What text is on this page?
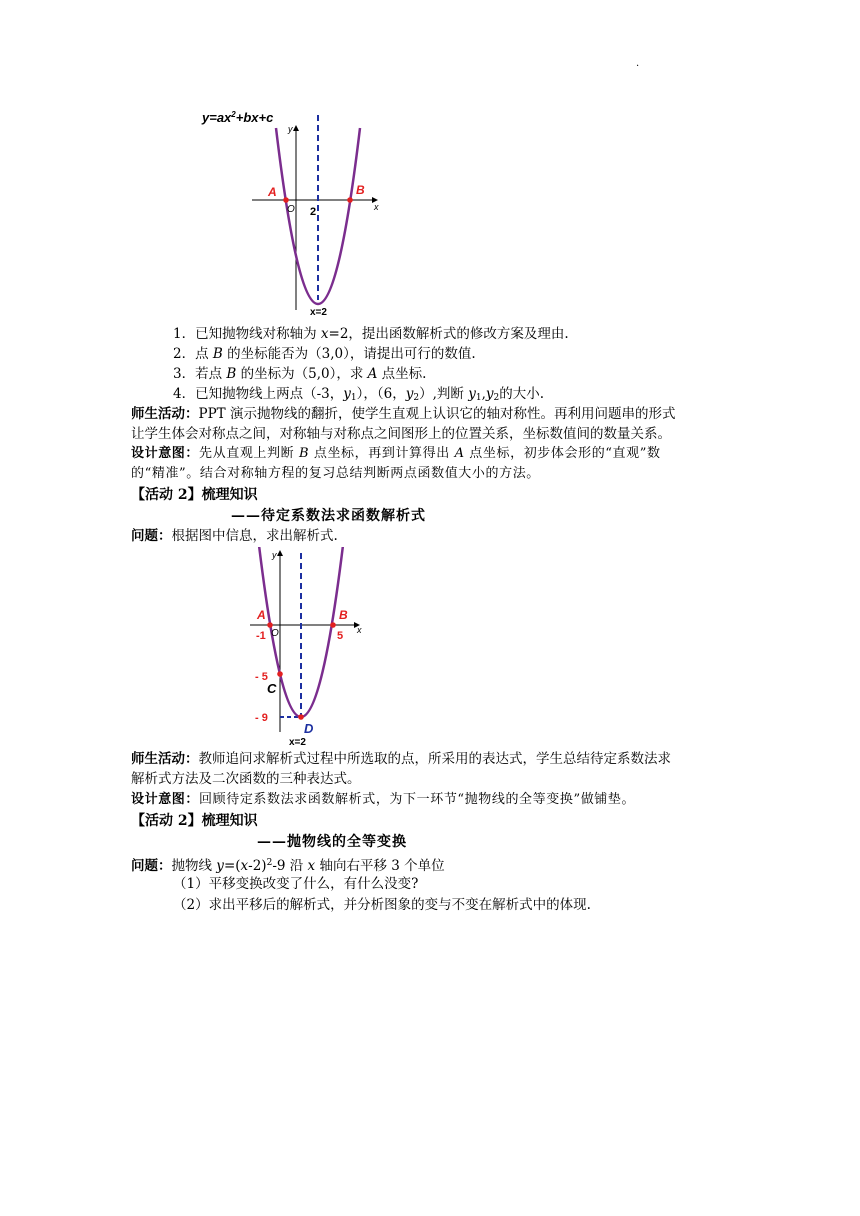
.
$y=ax^2+bx+c$
y
x
A	B
O 2
x=2
1．已知抛物线对称轴为 x=2，提出函数解析式的修改方案及理由.
2．点 B 的坐标能否为（3,0），请提出可行的数值.
3．若点 B 的坐标为（5,0），求 A 点坐标.
4．已知抛物线上两点（-3，$y_1$），（6，$y_2$）,判断 $y_1,y_2$的大小.
师生活动：PPT 演示抛物线的翻折，使学生直观上认识它的轴对称性。再利用问题串的形式
让学生体会对称点之间，对称轴与对称点之间图形上的位置关系，坐标数值间的数量关系。
设计意图：先从直观上判断 B 点坐标，再到计算得出 A 点坐标，初步体会形的“直观”数
的“精准”。结合对称轴方程的复习总结判断两点函数值大小的方法。
【活动 2】梳理知识
——待定系数法求函数解析式
问题：根据图中信息，求出解析式.
y
x
A	B
C
D
O
-1	5
- 5
- 9
x=2
师生活动：教师追问求解析式过程中所选取的点，所采用的表达式，学生总结待定系数法求
解析式方法及二次函数的三种表达式。
设计意图：回顾待定系数法求函数解析式，为下一环节“抛物线的全等变换”做铺垫。
【活动 2】梳理知识
——抛物线的全等变换
问题：抛物线 $y=(x-2)^2-9$ 沿 x 轴向右平移 3 个单位
（1）平移变换改变了什么，有什么没变?
（2）求出平移后的解析式，并分析图象的变与不变在解析式中的体现.
